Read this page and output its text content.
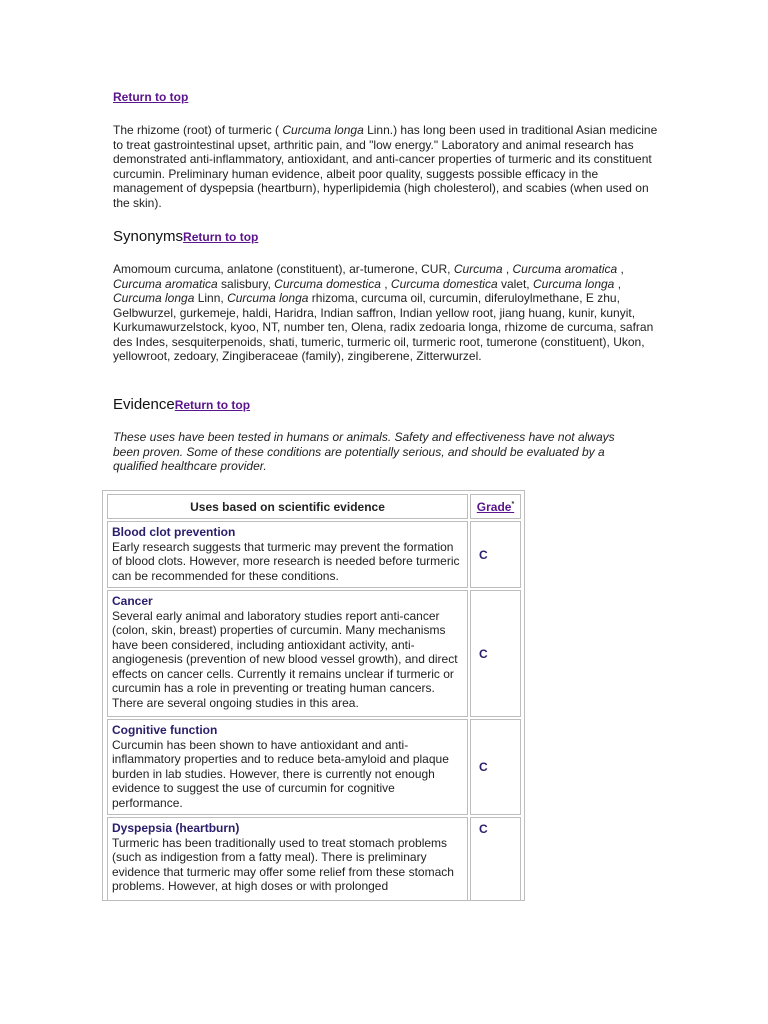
Return to top

The rhizome (root) of turmeric ( Curcuma longa Linn.) has long been used in traditional Asian medicine to treat gastrointestinal upset, arthritic pain, and "low energy." Laboratory and animal research has demonstrated anti-inflammatory, antioxidant, and anti-cancer properties of turmeric and its constituent curcumin. Preliminary human evidence, albeit poor quality, suggests possible efficacy in the management of dyspepsia (heartburn), hyperlipidemia (high cholesterol), and scabies (when used on the skin).

SynonymsReturn to top

Amomoum curcuma, anlatone (constituent), ar-tumerone, CUR, Curcuma , Curcuma aromatica , Curcuma aromatica salisbury, Curcuma domestica , Curcuma domestica valet, Curcuma longa , Curcuma longa Linn, Curcuma longa rhizoma, curcuma oil, curcumin, diferuloylmethane, E zhu, Gelbwurzel, gurkemeje, haldi, Haridra, Indian saffron, Indian yellow root, jiang huang, kunir, kunyit, Kurkumawurzelstock, kyoo, NT, number ten, Olena, radix zedoaria longa, rhizome de curcuma, safran des Indes, sesquiterpenoids, shati, tumeric, turmeric oil, turmeric root, tumerone (constituent), Ukon, yellowroot, zedoary, Zingiberaceae (family), zingiberene, Zitterwurzel.

EvidenceReturn to top

These uses have been tested in humans or animals. Safety and effectiveness have not always been proven. Some of these conditions are potentially serious, and should be evaluated by a qualified healthcare provider.

Uses based on scientific evidence	Grade*
Blood clot prevention
Early research suggests that turmeric may prevent the formation of blood clots. However, more research is needed before turmeric can be recommended for these conditions.
C
Cancer
Several early animal and laboratory studies report anti-cancer (colon, skin, breast) properties of curcumin. Many mechanisms have been considered, including antioxidant activity, anti-angiogenesis (prevention of new blood vessel growth), and direct effects on cancer cells. Currently it remains unclear if turmeric or curcumin has a role in preventing or treating human cancers. There are several ongoing studies in this area.
C
Cognitive function
Curcumin has been shown to have antioxidant and anti-inflammatory properties and to reduce beta-amyloid and plaque burden in lab studies. However, there is currently not enough evidence to suggest the use of curcumin for cognitive performance.
C
Dyspepsia (heartburn)
Turmeric has been traditionally used to treat stomach problems (such as indigestion from a fatty meal). There is preliminary evidence that turmeric may offer some relief from these stomach problems. However, at high doses or with prolonged
C
